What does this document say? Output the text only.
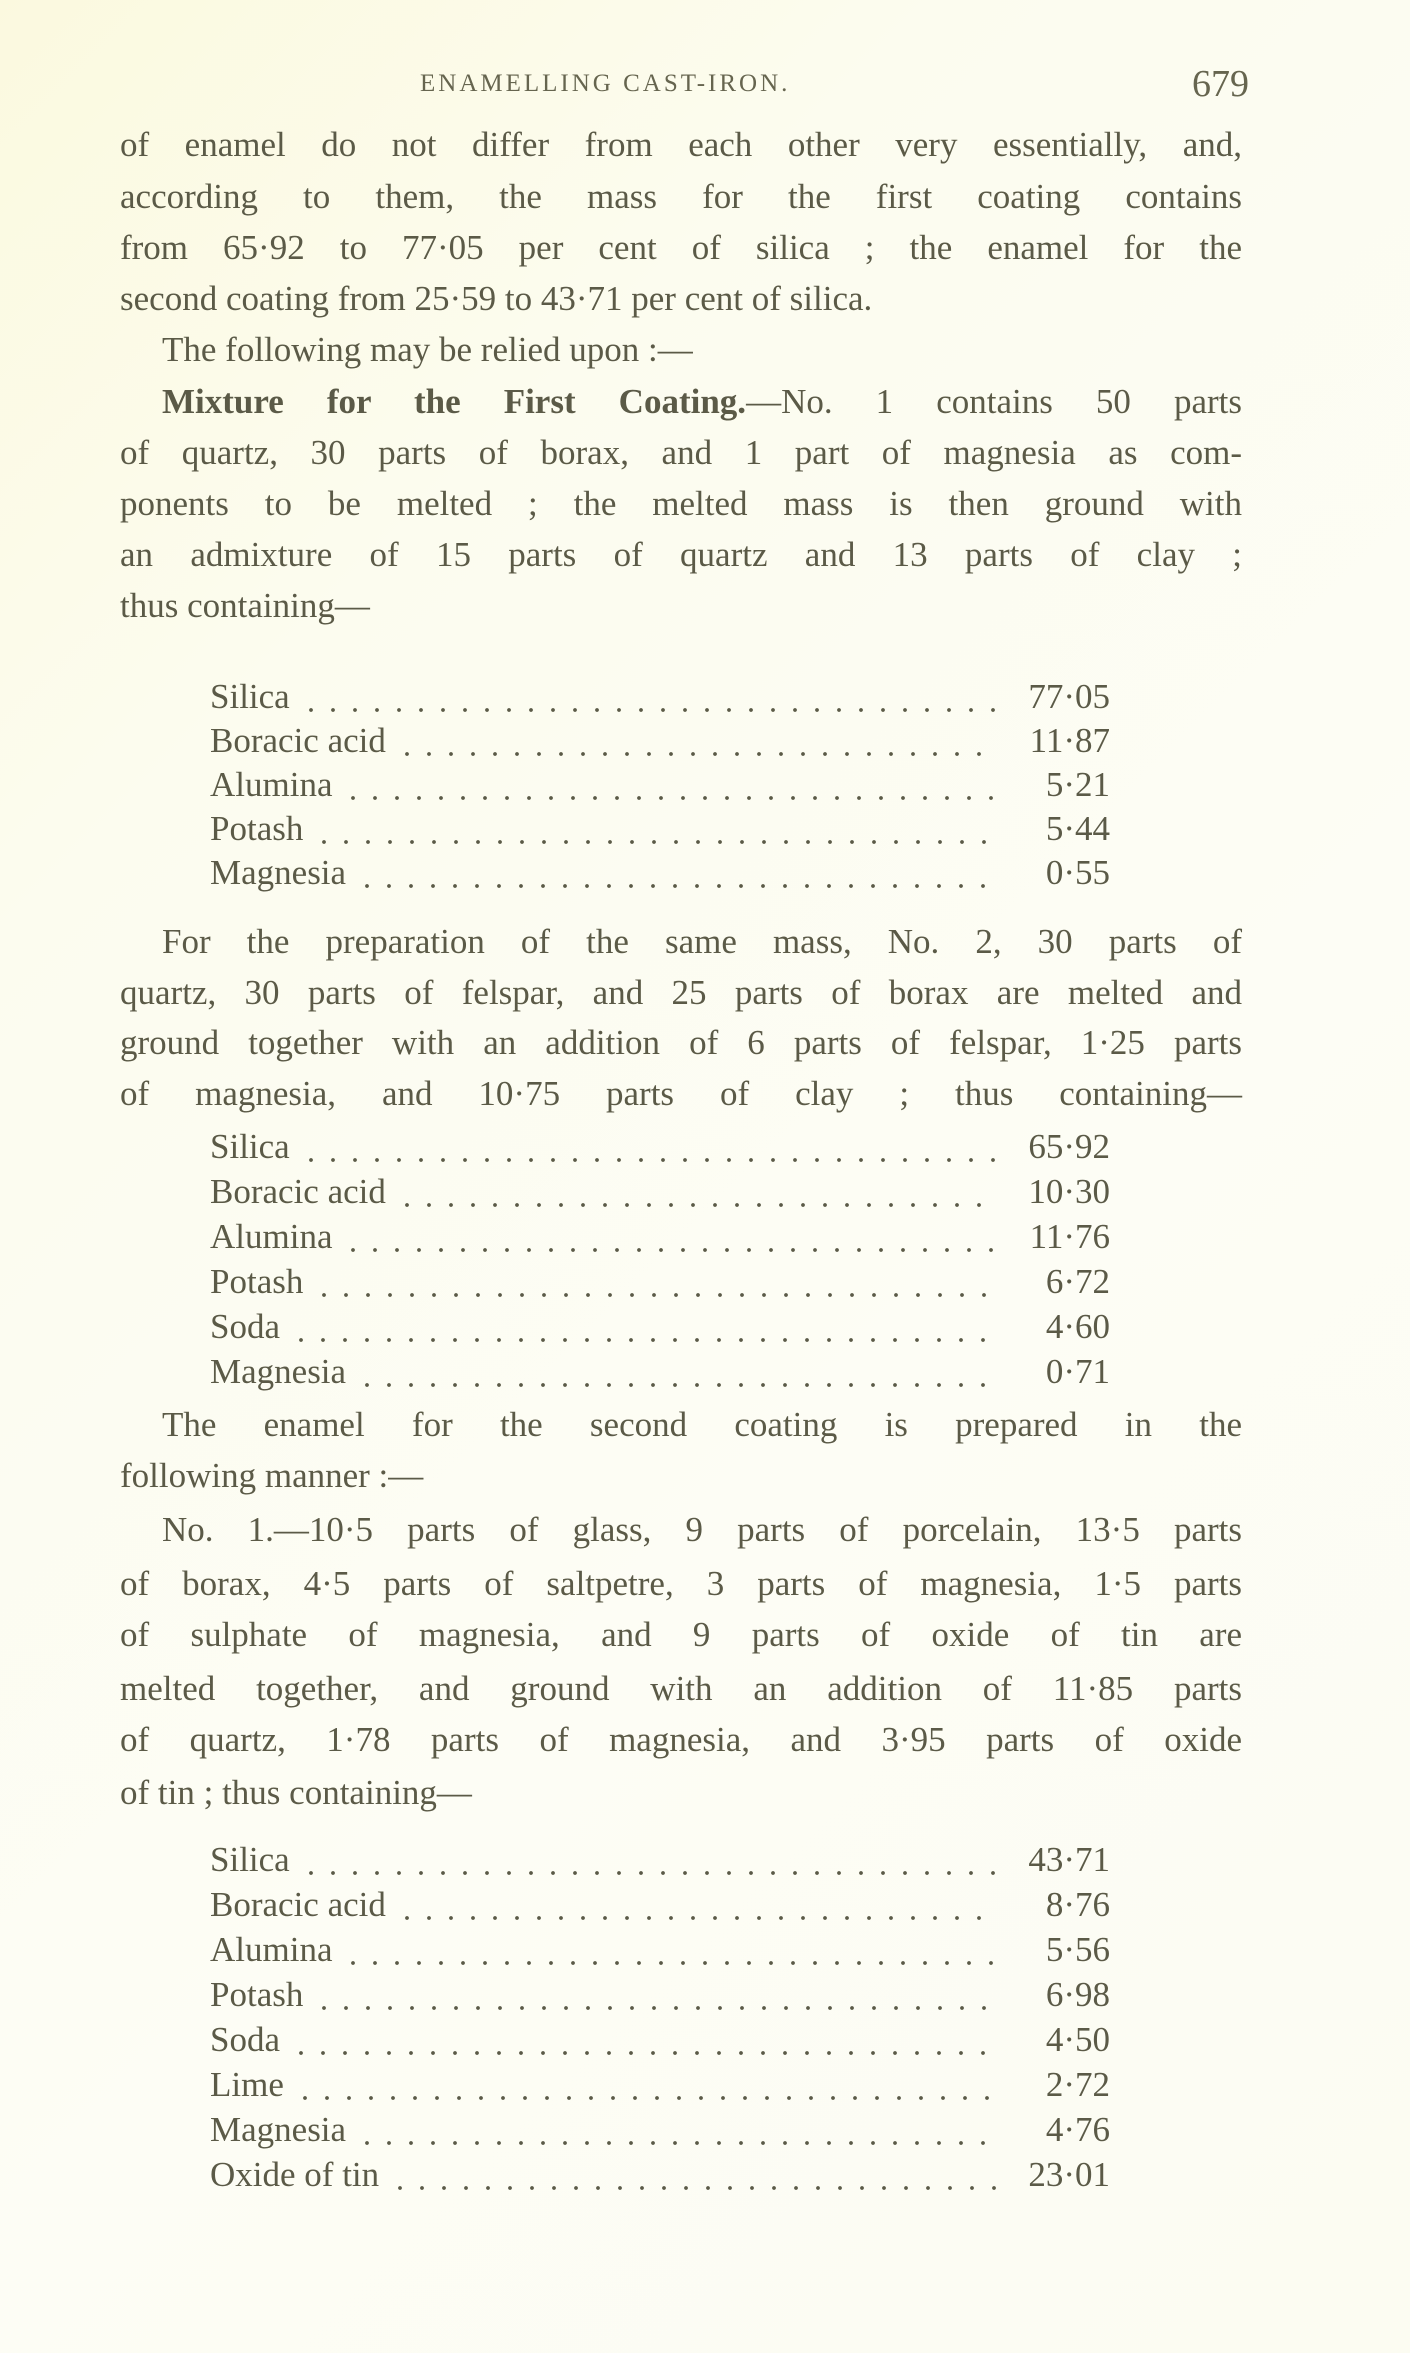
ENAMELLING CAST-IRON.	679
of enamel do not differ from each other very essentially, and,
according to them, the mass for the first coating contains
from 65·92 to 77·05 per cent of silica ; the enamel for the
second coating from 25·59 to 43·71 per cent of silica.
The following may be relied upon :—
Mixture for the First Coating.—No. 1 contains 50 parts
of quartz, 30 parts of borax, and 1 part of magnesia as com-
ponents to be melted ; the melted mass is then ground with
an admixture of 15 parts of quartz and 13 parts of clay ;
thus containing—
Silica	77·05
Boracic acid	11·87
Alumina	5·21
Potash	5·44
Magnesia	0·55
For the preparation of the same mass, No. 2, 30 parts of
quartz, 30 parts of felspar, and 25 parts of borax are melted and
ground together with an addition of 6 parts of felspar, 1·25 parts
of magnesia, and 10·75 parts of clay ; thus containing—
Silica	65·92
Boracic acid	10·30
Alumina	11·76
Potash	6·72
Soda	4·60
Magnesia	0·71
The enamel for the second coating is prepared in the
following manner :—
No. 1.—10·5 parts of glass, 9 parts of porcelain, 13·5 parts
of borax, 4·5 parts of saltpetre, 3 parts of magnesia, 1·5 parts
of sulphate of magnesia, and 9 parts of oxide of tin are
melted together, and ground with an addition of 11·85 parts
of quartz, 1·78 parts of magnesia, and 3·95 parts of oxide
of tin ; thus containing—
Silica	43·71
Boracic acid	8·76
Alumina	5·56
Potash	6·98
Soda	4·50
Lime	2·72
Magnesia	4·76
Oxide of tin	23·01
